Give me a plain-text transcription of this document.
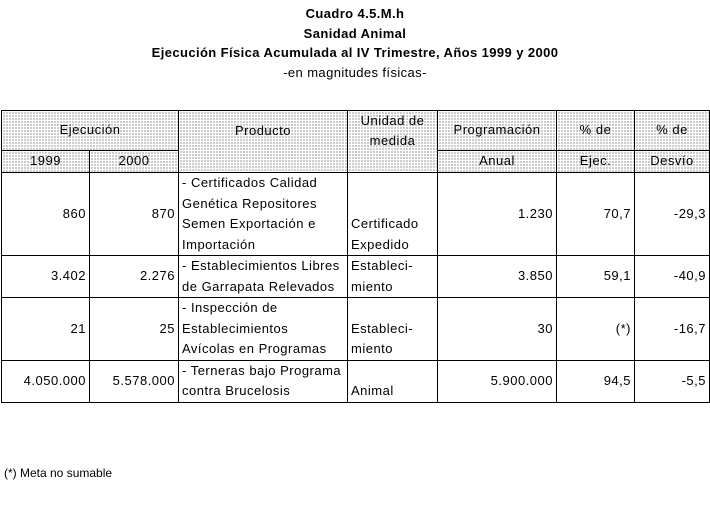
Cuadro 4.5.M.h
Sanidad Animal
Ejecución Física Acumulada al IV Trimestre, Años 1999 y 2000
-en magnitudes físicas-
Ejecución		Producto	Unidad de medida	Programación	% de	% de
1999	2000			Anual	Ejec.	Desvío
860	870	- Certificados Calidad Genética Repositores Semen Exportación e Importación	Certificado Expedido	1.230	70,7	-29,3
3.402	2.276	- Establecimientos Libres de Garrapata Relevados	Estableci- miento	3.850	59,1	-40,9
21	25	- Inspección de Establecimientos Avícolas en Programas	Estableci- miento	30	(*)	-16,7
4.050.000	5.578.000	- Terneras bajo Programa contra Brucelosis	Animal	5.900.000	94,5	-5,5
(*) Meta no sumable
